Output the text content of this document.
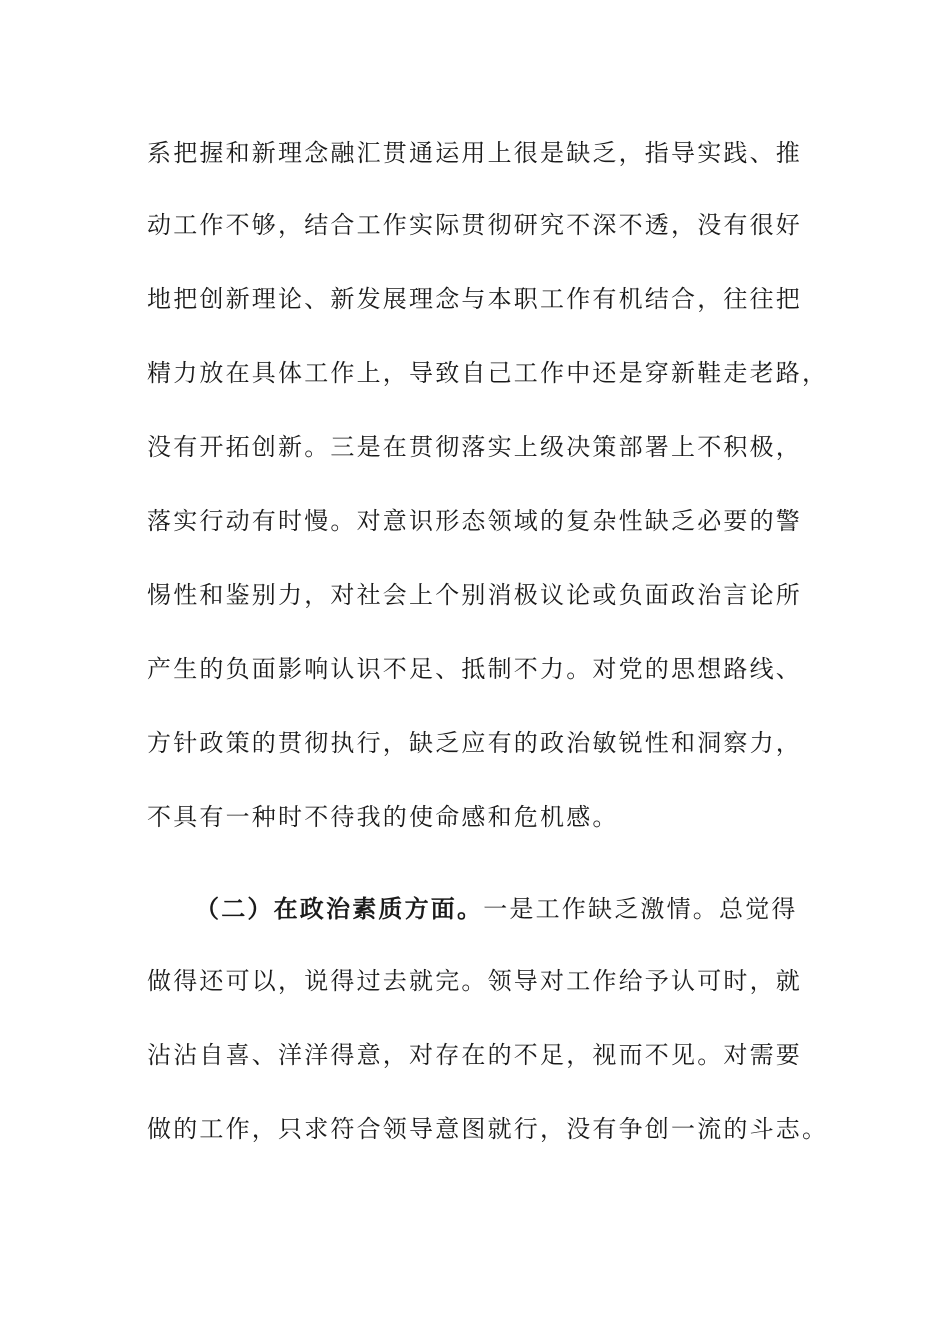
系把握和新理念融汇贯通运用上很是缺乏，指导实践、推
动工作不够，结合工作实际贯彻研究不深不透，没有很好
地把创新理论、新发展理念与本职工作有机结合，往往把
精力放在具体工作上，导致自己工作中还是穿新鞋走老路，
没有开拓创新。三是在贯彻落实上级决策部署上不积极，
落实行动有时慢。对意识形态领域的复杂性缺乏必要的警
惕性和鉴别力，对社会上个别消极议论或负面政治言论所
产生的负面影响认识不足、抵制不力。对党的思想路线、
方针政策的贯彻执行，缺乏应有的政治敏锐性和洞察力，
不具有一种时不待我的使命感和危机感。
（二）在政治素质方面。一是工作缺乏激情。总觉得
做得还可以，说得过去就完。领导对工作给予认可时，就
沾沾自喜、洋洋得意，对存在的不足，视而不见。对需要
做的工作，只求符合领导意图就行，没有争创一流的斗志。
